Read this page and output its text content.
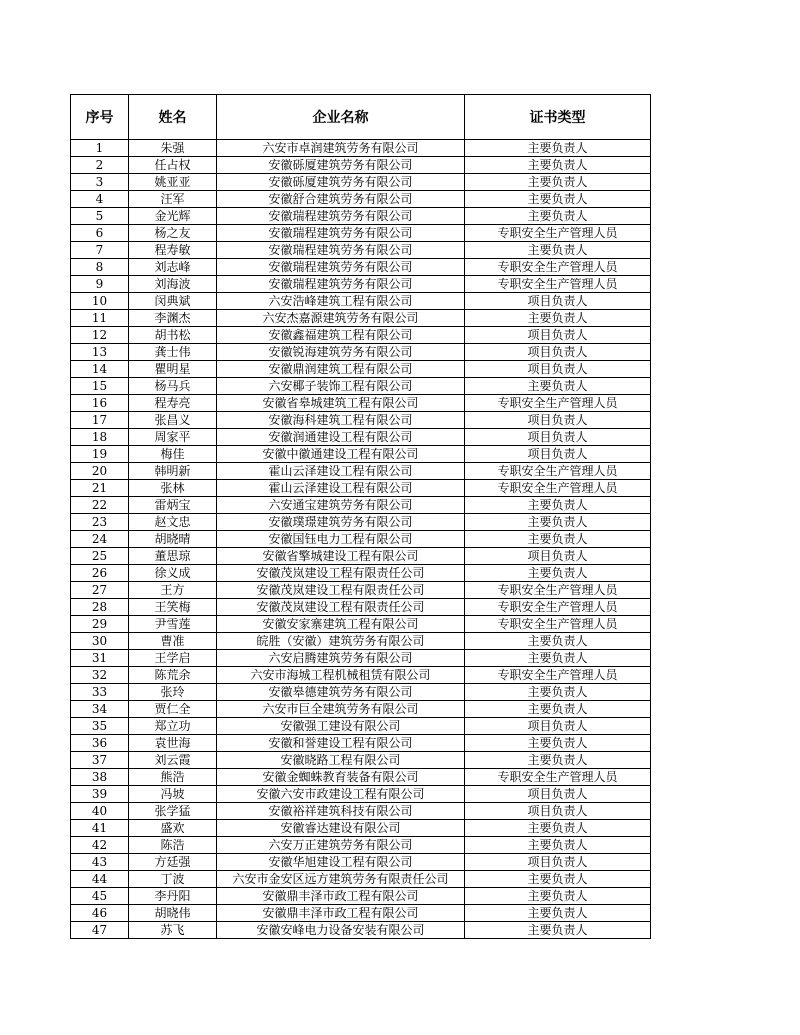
序号	姓名	企业名称	证书类型
1	朱强	六安市卓润建筑劳务有限公司	主要负责人
2	任占权	安徽砾厦建筑劳务有限公司	主要负责人
3	姚亚亚	安徽砾厦建筑劳务有限公司	主要负责人
4	汪军	安徽舒合建筑劳务有限公司	主要负责人
5	金光辉	安徽瑞程建筑劳务有限公司	主要负责人
6	杨之友	安徽瑞程建筑劳务有限公司	专职安全生产管理人员
7	程寿敏	安徽瑞程建筑劳务有限公司	主要负责人
8	刘志峰	安徽瑞程建筑劳务有限公司	专职安全生产管理人员
9	刘海波	安徽瑞程建筑劳务有限公司	专职安全生产管理人员
10	闵典斌	六安浩峰建筑工程有限公司	项目负责人
11	李渊杰	六安杰嘉源建筑劳务有限公司	主要负责人
12	胡书松	安徽鑫福建筑工程有限公司	项目负责人
13	龚士伟	安徽锐海建筑劳务有限公司	项目负责人
14	瞿明星	安徽鼎润建筑工程有限公司	项目负责人
15	杨马兵	六安椰子装饰工程有限公司	主要负责人
16	程寿亮	安徽省皋城建筑工程有限公司	专职安全生产管理人员
17	张昌义	安徽海科建筑工程有限公司	项目负责人
18	周家平	安徽润通建设工程有限公司	项目负责人
19	梅佳	安徽中徽通建设工程有限公司	项目负责人
20	韩明新	霍山云泽建设工程有限公司	专职安全生产管理人员
21	张林	霍山云泽建设工程有限公司	专职安全生产管理人员
22	雷炳宝	六安通宝建筑劳务有限公司	主要负责人
23	赵文忠	安徽璞璟建筑劳务有限公司	主要负责人
24	胡晓晴	安徽国钰电力工程有限公司	主要负责人
25	董思琼	安徽省擎城建设工程有限公司	项目负责人
26	徐义成	安徽茂岚建设工程有限责任公司	主要负责人
27	王方	安徽茂岚建设工程有限责任公司	专职安全生产管理人员
28	王笑梅	安徽茂岚建设工程有限责任公司	专职安全生产管理人员
29	尹雪莲	安徽安家寨建筑工程有限公司	专职安全生产管理人员
30	曹准	皖胜（安徽）建筑劳务有限公司	主要负责人
31	王学启	六安启腾建筑劳务有限公司	主要负责人
32	陈荒余	六安市海城工程机械租赁有限公司	专职安全生产管理人员
33	张玲	安徽皋德建筑劳务有限公司	主要负责人
34	贾仁全	六安市巨全建筑劳务有限公司	主要负责人
35	郑立功	安徽强工建设有限公司	项目负责人
36	袁世海	安徽和誉建设工程有限公司	主要负责人
37	刘云霞	安徽晓路工程有限公司	主要负责人
38	熊浩	安徽金蜘蛛教育装备有限公司	专职安全生产管理人员
39	冯坡	安徽六安市政建设工程有限公司	项目负责人
40	张学猛	安徽裕祥建筑科技有限公司	项目负责人
41	盛欢	安徽睿达建设有限公司	主要负责人
42	陈浩	六安万正建筑劳务有限公司	主要负责人
43	方廷强	安徽华旭建设工程有限公司	项目负责人
44	丁波	六安市金安区远方建筑劳务有限责任公司	主要负责人
45	李丹阳	安徽鼎丰泽市政工程有限公司	主要负责人
46	胡晓伟	安徽鼎丰泽市政工程有限公司	主要负责人
47	苏飞	安徽安峰电力设备安装有限公司	主要负责人
